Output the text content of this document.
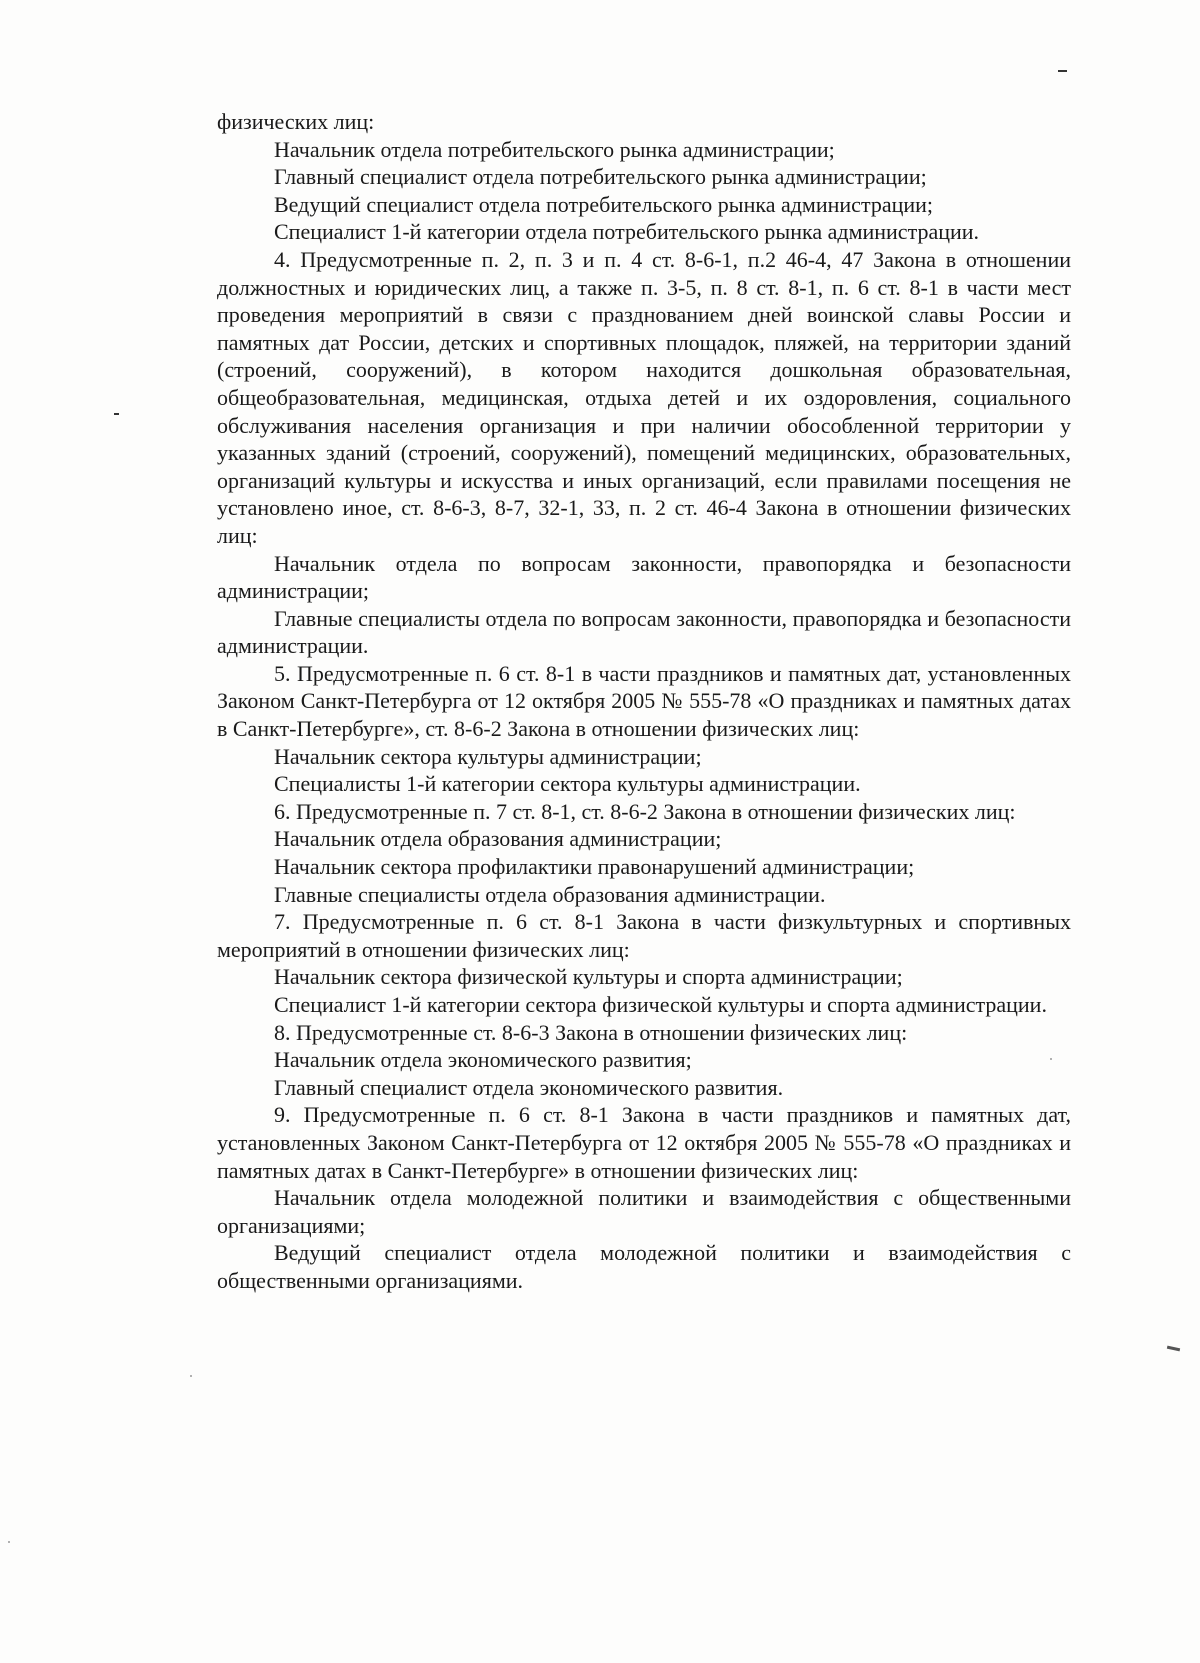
физических лиц:

Начальник отдела потребительского рынка администрации;

Главный специалист отдела потребительского рынка администрации;

Ведущий специалист отдела потребительского рынка администрации;

Специалист 1-й категории отдела потребительского рынка администрации.

4. Предусмотренные п. 2, п. 3 и п. 4 ст. 8-6-1, п.2 46-4, 47 Закона в отношении должностных и юридических лиц, а также п. 3-5, п. 8 ст. 8-1, п. 6 ст. 8-1 в части мест проведения мероприятий в связи с празднованием дней воинской славы России и памятных дат России, детских и спортивных площадок, пляжей, на территории зданий (строений, сооружений), в котором находится дошкольная образовательная, общеобразовательная, медицинская, отдыха детей и их оздоровления, социального обслуживания населения организация и при наличии обособленной территории у указанных зданий (строений, сооружений), помещений медицинских, образовательных, организаций культуры и искусства и иных организаций, если правилами посещения не установлено иное, ст. 8-6-3, 8-7, 32-1, 33, п. 2 ст. 46-4 Закона в отношении физических лиц:

Начальник отдела по вопросам законности, правопорядка и безопасности администрации;

Главные специалисты отдела по вопросам законности, правопорядка и безопасности администрации.

5. Предусмотренные п. 6 ст. 8-1 в части праздников и памятных дат, установленных Законом Санкт-Петербурга от 12 октября 2005 № 555-78 «О праздниках и памятных датах в Санкт-Петербурге», ст. 8-6-2 Закона в отношении физических лиц:

Начальник сектора культуры администрации;

Специалисты 1-й категории сектора культуры администрации.

6. Предусмотренные п. 7 ст. 8-1, ст. 8-6-2 Закона в отношении физических лиц:

Начальник отдела образования администрации;

Начальник сектора профилактики правонарушений администрации;

Главные специалисты отдела образования администрации.

7. Предусмотренные п. 6 ст. 8-1 Закона в части физкультурных и спортивных мероприятий в отношении физических лиц:

Начальник сектора физической культуры и спорта администрации;

Специалист 1-й категории сектора физической культуры и спорта администрации.

8. Предусмотренные ст. 8-6-3 Закона в отношении физических лиц:

Начальник отдела экономического развития;

Главный специалист отдела экономического развития.

9. Предусмотренные п. 6 ст. 8-1 Закона в части праздников и памятных дат, установленных Законом Санкт-Петербурга от 12 октября 2005 № 555-78 «О праздниках и памятных датах в Санкт-Петербурге» в отношении физических лиц:

Начальник отдела молодежной политики и взаимодействия с общественными организациями;

Ведущий специалист отдела молодежной политики и взаимодействия с общественными организациями.
